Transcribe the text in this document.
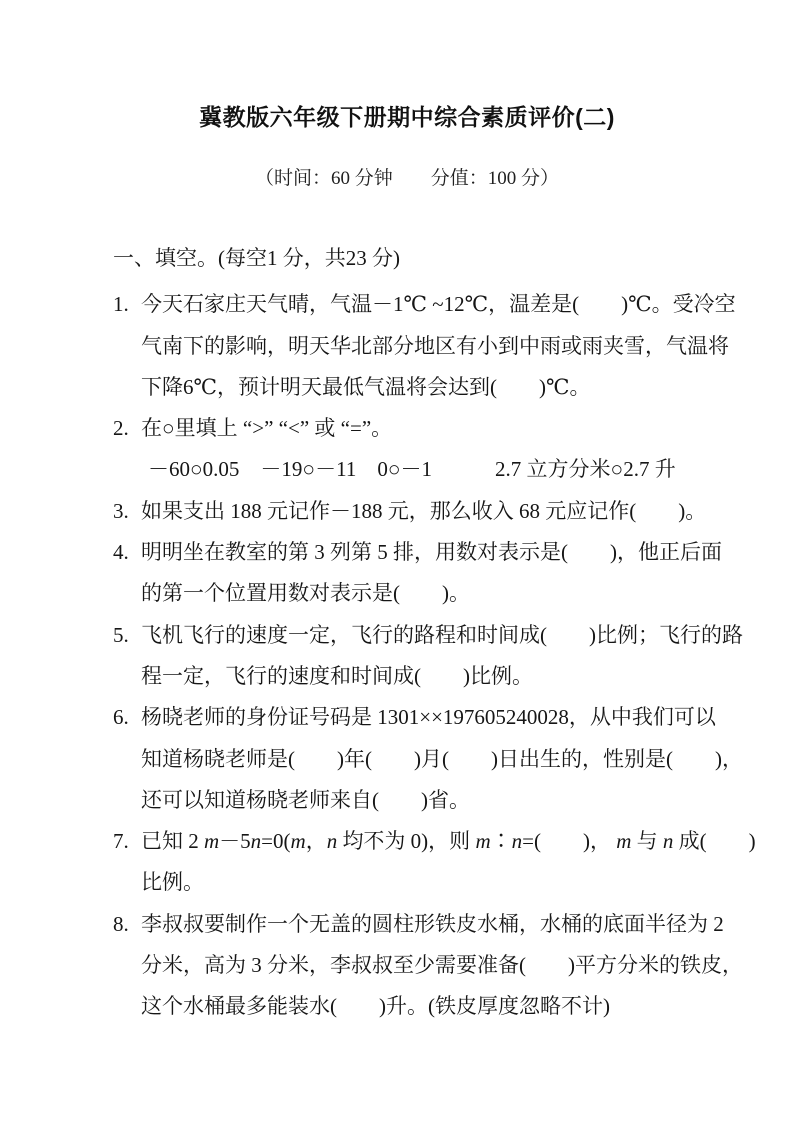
冀教版六年级下册期中综合素质评价(二)
（时间：60 分钟　　分值：100 分）
一、填空。(每空1 分，共23 分)
1. 今天石家庄天气晴，气温－1℃ ~12℃，温差是(　　)℃。受冷空
气南下的影响，明天华北部分地区有小到中雨或雨夹雪，气温将
下降6℃，预计明天最低气温将会达到(　　)℃。
2. 在○里填上 “>” “<” 或 “=”。
－60○0.05　－19○－11　0○－1　　　2.7 立方分米○2.7 升
3. 如果支出 188 元记作－188 元，那么收入 68 元应记作(　　)。
4. 明明坐在教室的第 3 列第 5 排，用数对表示是(　　)，他正后面
的第一个位置用数对表示是(　　)。
5. 飞机飞行的速度一定，飞行的路程和时间成(　　)比例；飞行的路
程一定，飞行的速度和时间成(　　)比例。
6. 杨晓老师的身份证号码是 1301××197605240028，从中我们可以
知道杨晓老师是(　　)年(　　)月(　　)日出生的，性别是(　　)，
还可以知道杨晓老师来自(　　)省。
7. 已知 2 m－5n=0(m，n 均不为 0)，则 m∶n=(　　)， m 与 n 成(　　)
比例。
8. 李叔叔要制作一个无盖的圆柱形铁皮水桶，水桶的底面半径为 2
分米，高为 3 分米，李叔叔至少需要准备(　　)平方分米的铁皮，
这个水桶最多能装水(　　)升。(铁皮厚度忽略不计)
